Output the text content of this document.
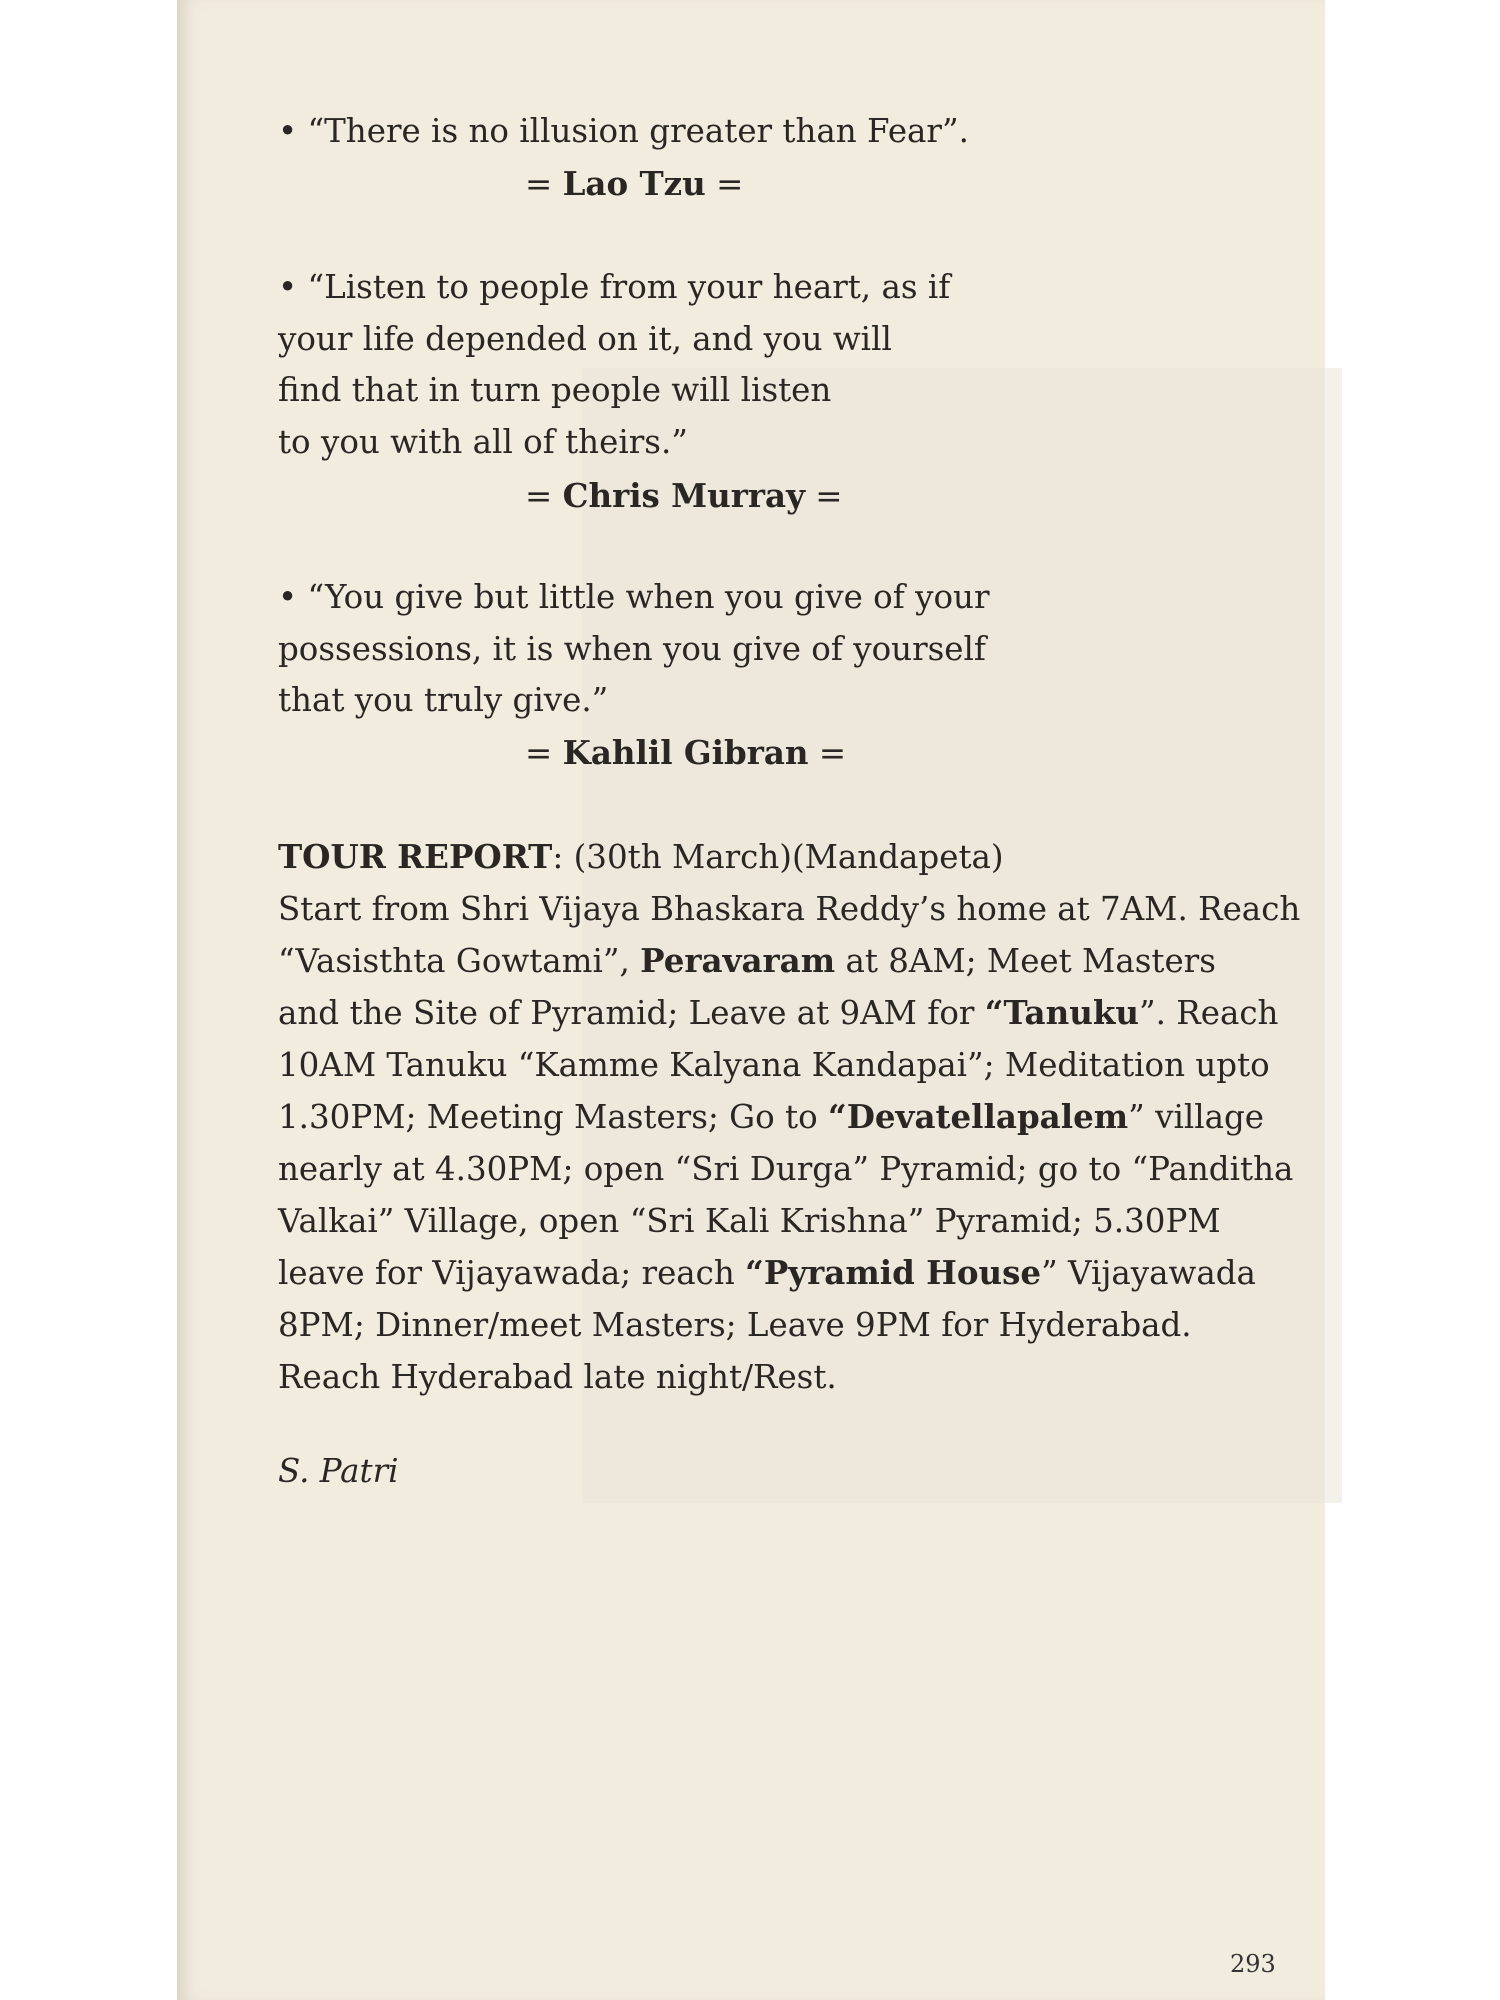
• “There is no illusion greater than Fear”.
= Lao Tzu =
• “Listen to people from your heart, as if
your life depended on it, and you will
find that in turn people will listen
to you with all of theirs.”
= Chris Murray =
• “You give but little when you give of your
possessions, it is when you give of yourself
that you truly give.”
= Kahlil Gibran =
TOUR REPORT: (30th March)(Mandapeta)
Start from Shri Vijaya Bhaskara Reddy’s home at 7AM. Reach
“Vasisthta Gowtami”, Peravaram at 8AM; Meet Masters
and the Site of Pyramid; Leave at 9AM for “Tanuku”. Reach
10AM Tanuku “Kamme Kalyana Kandapai”; Meditation upto
1.30PM; Meeting Masters; Go to “Devatellapalem” village
nearly at 4.30PM; open “Sri Durga” Pyramid; go to “Panditha
Valkai” Village, open “Sri Kali Krishna” Pyramid; 5.30PM
leave for Vijayawada; reach “Pyramid House” Vijayawada
8PM; Dinner/meet Masters; Leave 9PM for Hyderabad.
Reach Hyderabad late night/Rest.
S. Patri
293
